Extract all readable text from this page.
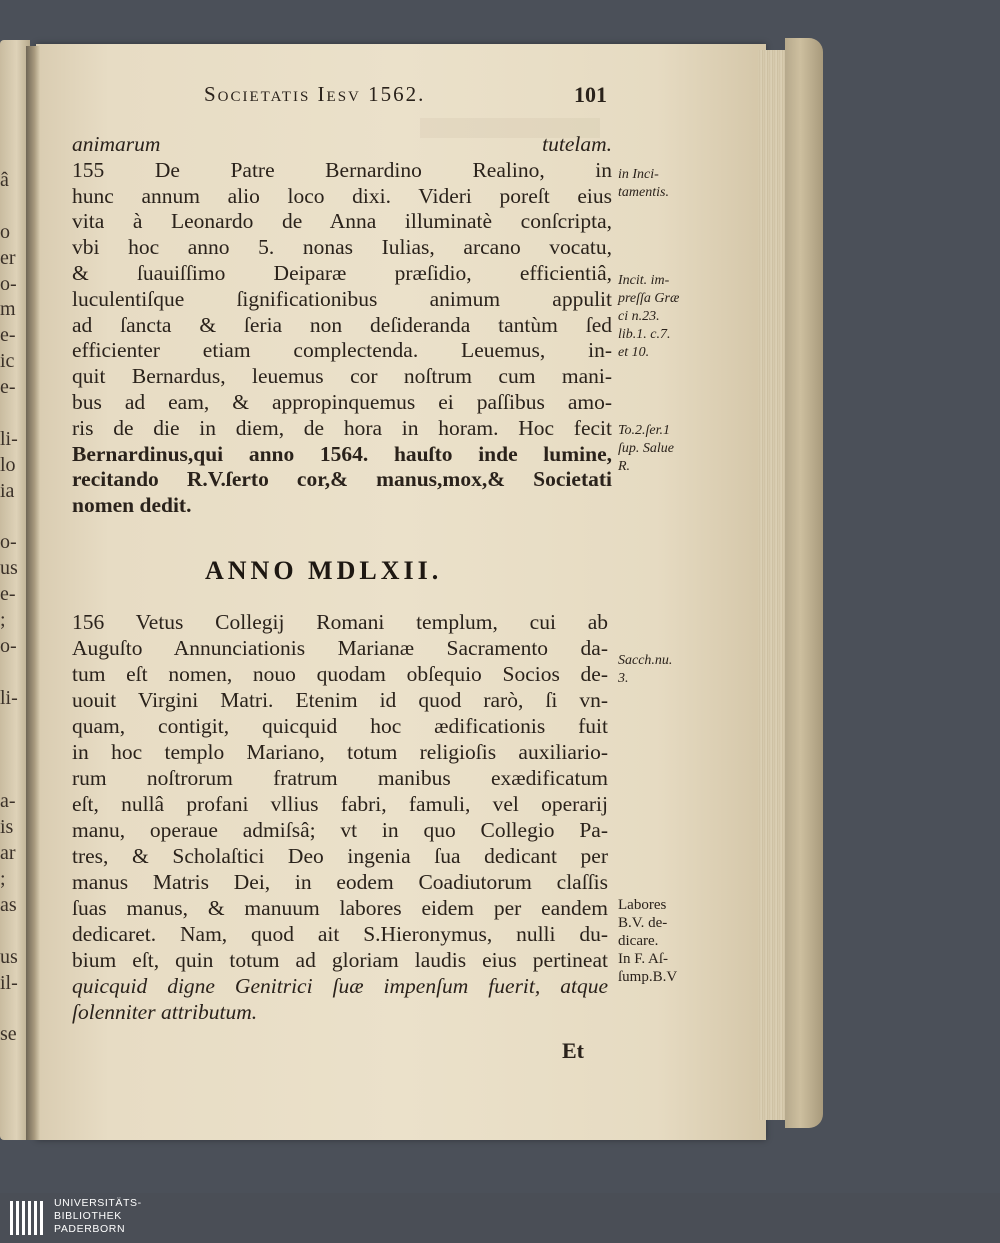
â
o
er
o-
m
e-
ic
e-
li-
lo
ia
o-
us
e-
;
o-
li-
a-
is
ar
;
as
us
il-
se
Societatis Iesv 1562.	101
animarum tutelam.
155 De Patre Bernardino Realino, in
hunc annum alio loco dixi. Videri poreſt eius
vita à Leonardo de Anna illuminatè conſcripta,
vbi hoc anno 5. nonas Iulias, arcano vocatu,
& ſuauiſſimo Deiparæ præſidio, efficientiâ,
luculentiſque ſignificationibus animum appulit
ad ſancta & ſeria non deſideranda tantùm ſed
efficienter etiam complectenda. Leuemus, in-
quit Bernardus, leuemus cor noſtrum cum mani-
bus ad eam, & appropinquemus ei paſſibus amo-
ris de die in diem, de hora in horam. Hoc fecit
Bernardinus,qui anno 1564. hauſto inde lumine,
recitando R.V.ſerto cor,& manus,mox,& Societati
nomen dedit.
ANNO MDLXII.
156 Vetus Collegij Romani templum, cui ab
Auguſto Annunciationis Marianæ Sacramento da-
tum eſt nomen, nouo quodam obſequio Socios de-
uouit Virgini Matri. Etenim id quod rarò, ſi vn-
quam, contigit, quicquid hoc ædificationis fuit
in hoc templo Mariano, totum religioſis auxiliario-
rum noſtrorum fratrum manibus exædificatum
eſt, nullâ profani vllius fabri, famuli, vel operarij
manu, operaue admiſsâ; vt in quo Collegio Pa-
tres, & Scholaſtici Deo ingenia ſua dedicant per
manus Matris Dei, in eodem Coadiutorum claſſis
ſuas manus, & manuum labores eidem per eandem
dedicaret. Nam, quod ait S.Hieronymus, nulli du-
bium eſt, quin totum ad gloriam laudis eius pertineat
quicquid digne Genitrici ſuæ impenſum fuerit, atque
ſolenniter attributum.
in Inci-
tamentis.
Incit. im-
preſſa Græ
ci n.23.
lib.1. c.7.
et 10.
To.2.ſer.1
ſup. Salue
R.
Sacch.nu.
3.
Labores
B.V. de-
dicare.
In F. Aſ-
ſump.B.V
Et
UNIVERSITÄTS-
BIBLIOTHEK
PADERBORN
